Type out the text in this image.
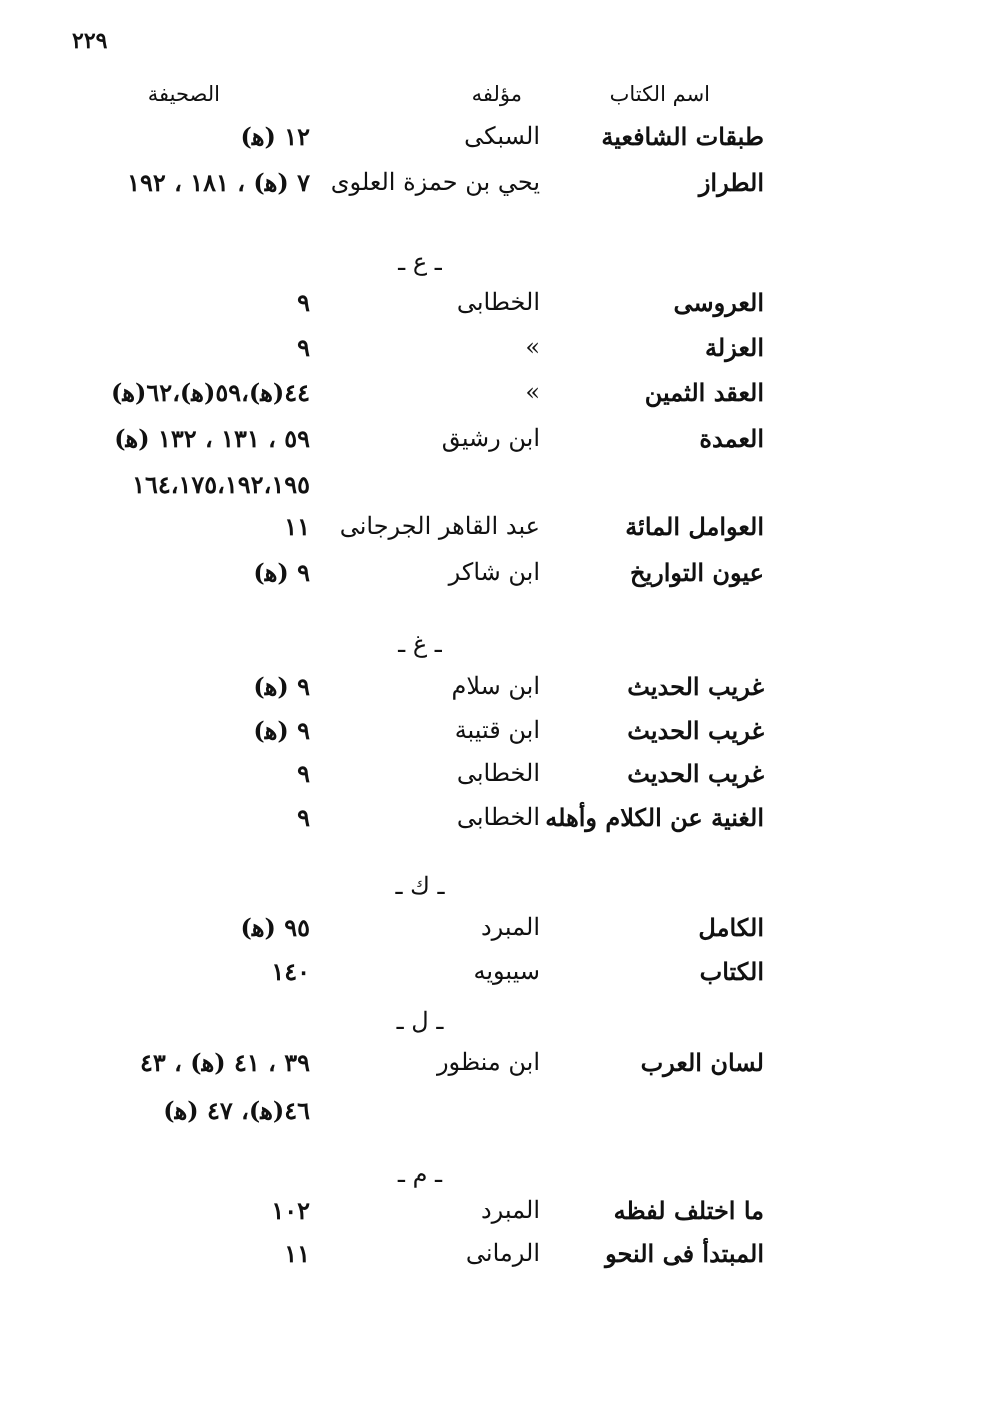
٢٢٩
اسم الكتاب
مؤلفه
الصحيفة
طبقات الشافعية
السبكى
١٢ (ﻫ)
الطراز
يحي بن حمزة العلوى
٧ (ﻫ) ، ١٨١ ، ١٩٢
ـ ع ـ
العروسى
الخطابى
٩
العزلة
»
٩
العقد الثمين
»
٤٤(ﻫ)،٥٩(ﻫ)،٦٢(ﻫ)
العمدة
ابن رشيق
٥٩ ، ١٣١ ، ١٣٢ (ﻫ)
١٦٤،١٧٥،١٩٢،١٩٥
العوامل المائة
عبد القاهر الجرجانى
١١
عيون التواريخ
ابن شاكر
٩ (ﻫ)
ـ غ ـ
غريب الحديث
ابن سلام
٩ (ﻫ)
غريب الحديث
ابن قتيبة
٩ (ﻫ)
غريب الحديث
الخطابى
٩
الغنية عن الكلام وأهله
الخطابى
٩
ـ ك ـ
الكامل
المبرد
٩٥ (ﻫ)
الكتاب
سيبويه
١٤٠
ـ ل ـ
لسان العرب
ابن منظور
٣٩ ، ٤١ (ﻫ) ، ٤٣
٤٦(ﻫ)، ٤٧ (ﻫ)
ـ م ـ
ما اختلف لفظه
المبرد
١٠٢
المبتدأ فى النحو
الرمانى
١١
